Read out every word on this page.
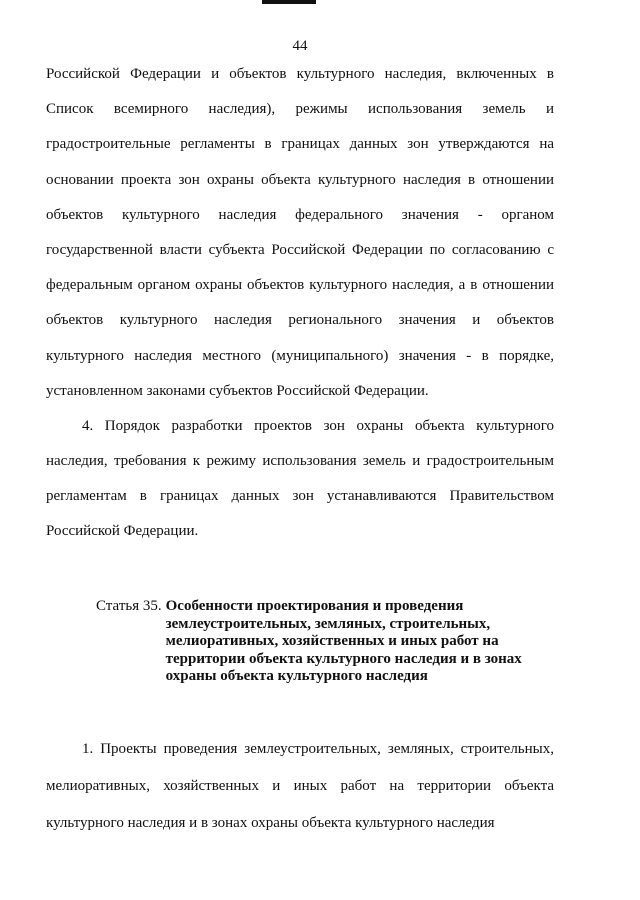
44

Российской Федерации и объектов культурного наследия, включенных в Список всемирного наследия), режимы использования земель и градостроительные регламенты в границах данных зон утверждаются на основании проекта зон охраны объекта культурного наследия в отношении объектов культурного наследия федерального значения - органом государственной власти субъекта Российской Федерации по согласованию с федеральным органом охраны объектов культурного наследия, а в отношении объектов культурного наследия регионального значения и объектов культурного наследия местного (муниципального) значения - в порядке, установленном законами субъектов Российской Федерации.

4. Порядок разработки проектов зон охраны объекта культурного наследия, требования к режиму использования земель и градостроительным регламентам в границах данных зон устанавливаются Правительством Российской Федерации.

Статья 35. Особенности проектирования и проведения землеустроительных, земляных, строительных, мелиоративных, хозяйственных и иных работ на территории объекта культурного наследия и в зонах охраны объекта культурного наследия

1. Проекты проведения землеустроительных, земляных, строительных, мелиоративных, хозяйственных и иных работ на территории объекта культурного наследия и в зонах охраны объекта культурного наследия
